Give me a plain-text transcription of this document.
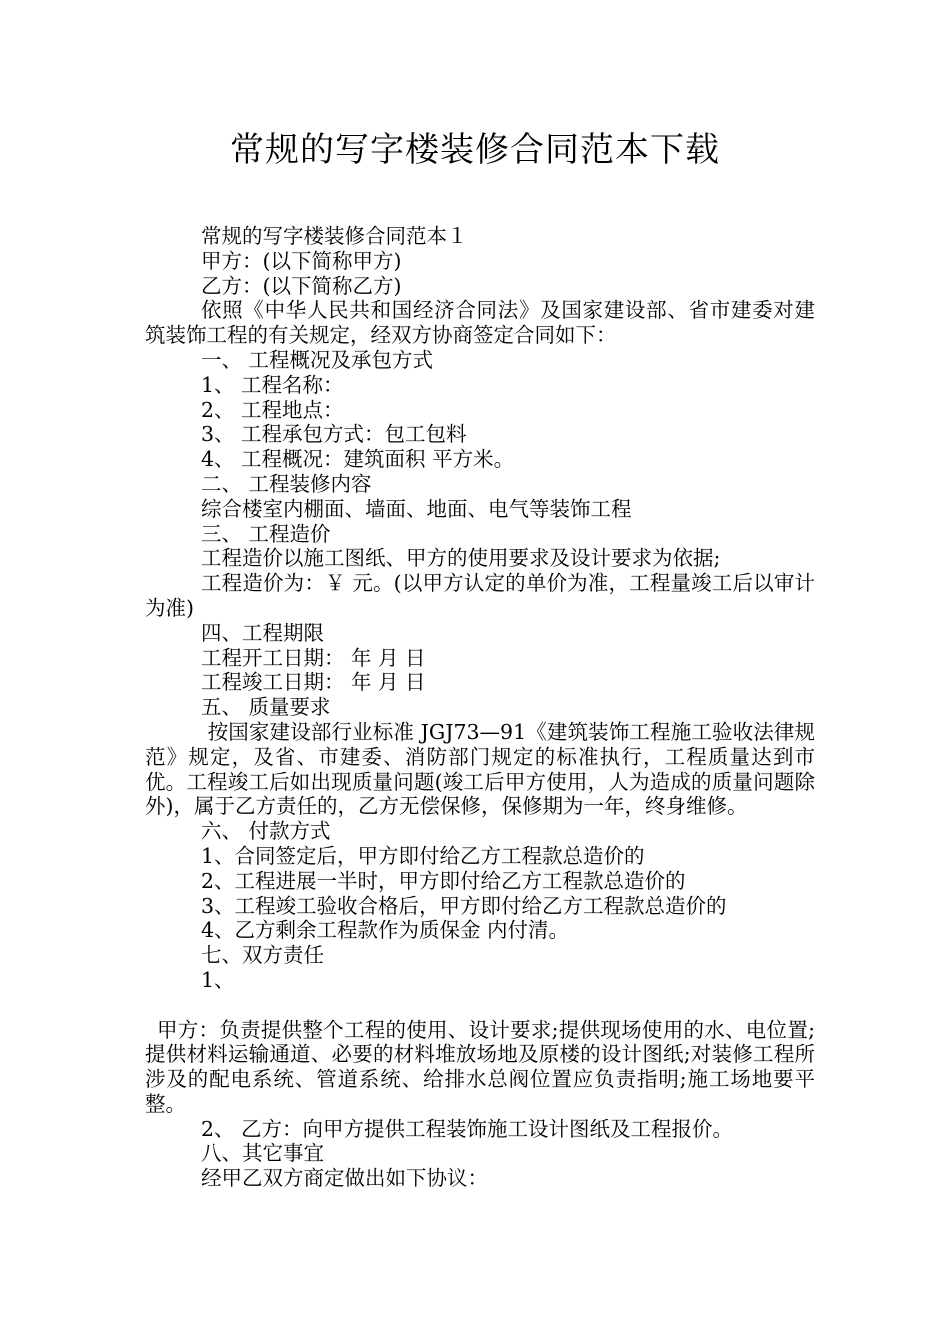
常规的写字楼装修合同范本下载

常规的写字楼装修合同范本１

甲方：(以下简称甲方)

乙方：(以下简称乙方)

依照《中华人民共和国经济合同法》及国家建设部、省市建委对建筑装饰工程的有关规定，经双方协商签定合同如下：

一、 工程概况及承包方式

1、 工程名称：

2、 工程地点：

3、 工程承包方式：包工包料

4、 工程概况：建筑面积 平方米。

二、 工程装修内容

综合楼室内棚面、墙面、地面、电气等装饰工程

三、 工程造价

工程造价以施工图纸、甲方的使用要求及设计要求为依据;

工程造价为：￥ 元。(以甲方认定的单价为准，工程量竣工后以审计为准)

四、工程期限

工程开工日期： 年 月 日

工程竣工日期： 年 月 日

五、 质量要求

按国家建设部行业标准 JGJ73—91《建筑装饰工程施工验收法律规范》规定，及省、市建委、消防部门规定的标准执行，工程质量达到市优。工程竣工后如出现质量问题(竣工后甲方使用，人为造成的质量问题除外)，属于乙方责任的，乙方无偿保修，保修期为一年，终身维修。

六、 付款方式

1、合同签定后，甲方即付给乙方工程款总造价的

2、工程进展一半时，甲方即付给乙方工程款总造价的

3、工程竣工验收合格后，甲方即付给乙方工程款总造价的

4、乙方剩余工程款作为质保金 内付清。

七、双方责任

1、

甲方：负责提供整个工程的使用、设计要求;提供现场使用的水、电位置;提供材料运输通道、必要的材料堆放场地及原楼的设计图纸;对装修工程所涉及的配电系统、管道系统、给排水总阀位置应负责指明;施工场地要平整。

2、 乙方：向甲方提供工程装饰施工设计图纸及工程报价。

八、其它事宜

经甲乙双方商定做出如下协议：
